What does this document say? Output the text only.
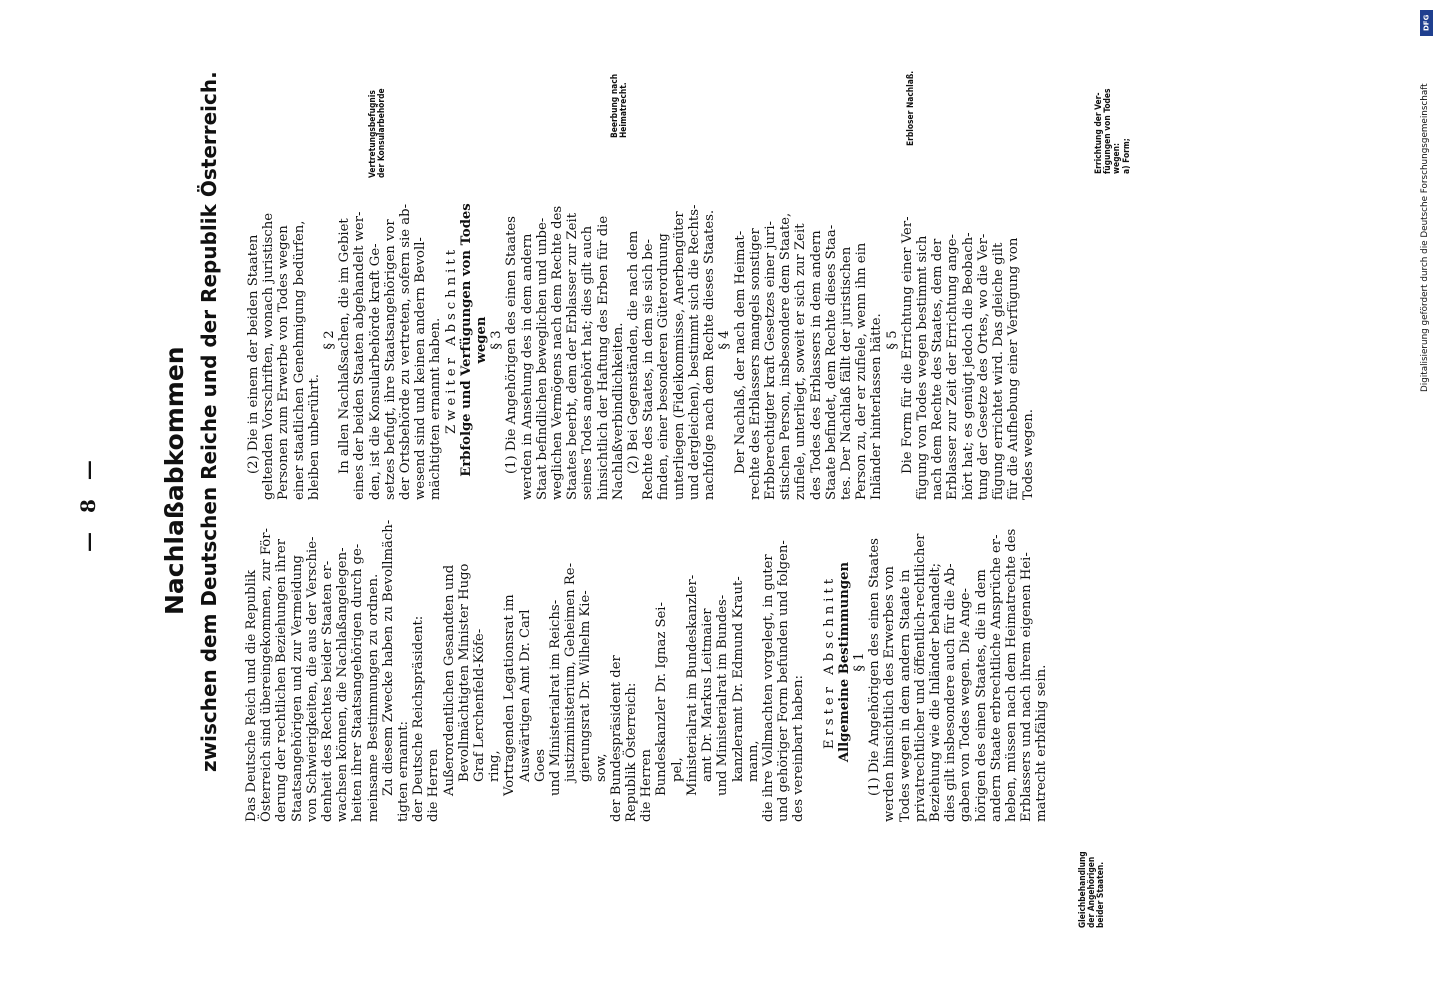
— 8 — Nachlaßabkommen zwischen dem Deutschen Reiche und der Republik Österreich. Das Deutsche Reich und die Republik Österreich sind übereingekommen, zur För- derung der rechtlichen Beziehungen ihrer Staatsangehörigen und zur Vermeidung von Schwierigkeiten, die aus der Verschie- denheit des Rechtes beider Staaten er- wachsen können, die Nachlaßangelegen- heiten ihrer Staatsangehörigen durch ge- meinsame Bestimmungen zu ordnen. Zu diesem Zwecke haben zu Bevollmäch- tigten ernannt: der Deutsche Reichspräsident: die Herren Außerordentlichen Gesandten und Bevollmächtigten Minister Hugo Graf Lerchenfeld-Köfe- ring, Vortragenden Legationsrat im Auswärtigen Amt Dr. Carl Goes und Ministerialrat im Reichs- justizministerium, Geheimen Re- gierungsrat Dr. Wilhelm Kie- sow, der Bundespräsident der Republik Österreich: die Herren Bundeskanzler Dr. Ignaz Sei- pel, Ministerialrat im Bundeskanzler- amt Dr. Markus Leitmaier und Ministerialrat im Bundes- kanzleramt Dr. Edmund Kraut- mann, die ihre Vollmachten vorgelegt, in guter und gehöriger Form befunden und folgen- des vereinbart haben: Erster Abschnitt Allgemeine Bestimmungen § 1 (1) Die Angehörigen des einen Staates werden hinsichtlich des Erwerbes von Todes wegen in dem andern Staate in privatrechtlicher und öffentlich-rechtlicher Beziehung wie die Inländer behandelt; dies gilt insbesondere auch für die Ab- gaben von Todes wegen. Die Ange- hörigen des einen Staates, die in dem andern Staate erbrechtliche Ansprüche er- heben, müssen nach dem Heimatrechte des Erblassers und nach ihrem eigenen Hei- matrecht erbfähig sein.
(2) Die in einem der beiden Staaten geltenden Vorschriften, wonach juristische Personen zum Erwerbe von Todes wegen einer staatlichen Genehmigung bedürfen, bleiben unberührt.
§ 2 In allen Nachlaßsachen, die im Gebiet eines der beiden Staaten abgehandelt wer- den, ist die Konsularbehörde kraft Ge- setzes befugt, ihre Staatsangehörigen vor der Ortsbehörde zu vertreten, sofern sie ab- wesend sind und keinen andern Bevoll- mächtigten ernannt haben. Zweiter Abschnitt Erbfolge und Verfügungen von Todes wegen § 3 (1) Die Angehörigen des einen Staates werden in Ansehung des in dem andern Staat befindlichen beweglichen und unbe- weglichen Vermögens nach dem Rechte des Staates beerbt, dem der Erblasser zur Zeit seines Todes angehört hat; dies gilt auch hinsichtlich der Haftung des Erben für die Nachlaßverbindlichkeiten. (2) Bei Gegenständen, die nach dem Rechte des Staates, in dem sie sich be- finden, einer besonderen Güterordnung unterliegen (Fideikommisse, Anerbengüter und dergleichen), bestimmt sich die Rechts- nachfolge nach dem Rechte dieses Staates. § 4 Der Nachlaß, der nach dem Heimat- rechte des Erblassers mangels sonstiger Erbberechtigter kraft Gesetzes einer juri- stischen Person, insbesondere dem Staate, zufiele, unterliegt, soweit er sich zur Zeit des Todes des Erblassers in dem andern Staate befindet, dem Rechte dieses Staa- tes. Der Nachlaß fällt der juristischen Person zu, der er zufiele, wenn ihn ein Inländer hinterlassen hätte. § 5 Die Form für die Errichtung einer Ver- fügung von Todes wegen bestimmt sich nach dem Rechte des Staates, dem der Erblasser zur Zeit der Errichtung ange- hört hat; es genügt jedoch die Beobach- tung der Gesetze des Ortes, wo die Ver- fügung errichtet wird. Das gleiche gilt für die Aufhebung einer Verfügung von Todes wegen.
Gleichbehandlung der Angehörigen beider Staaten.
Vertretungsbefugnis der Konsularbehörde	Beerbung nach Heimatrecht.	Erbloser Nachlaß.	Errichtung der Ver- fügungen von Todes wegen: a) Form;	Digitalisierung gefördert durch die Deutsche Forschungsgemeinschaft
DFG
